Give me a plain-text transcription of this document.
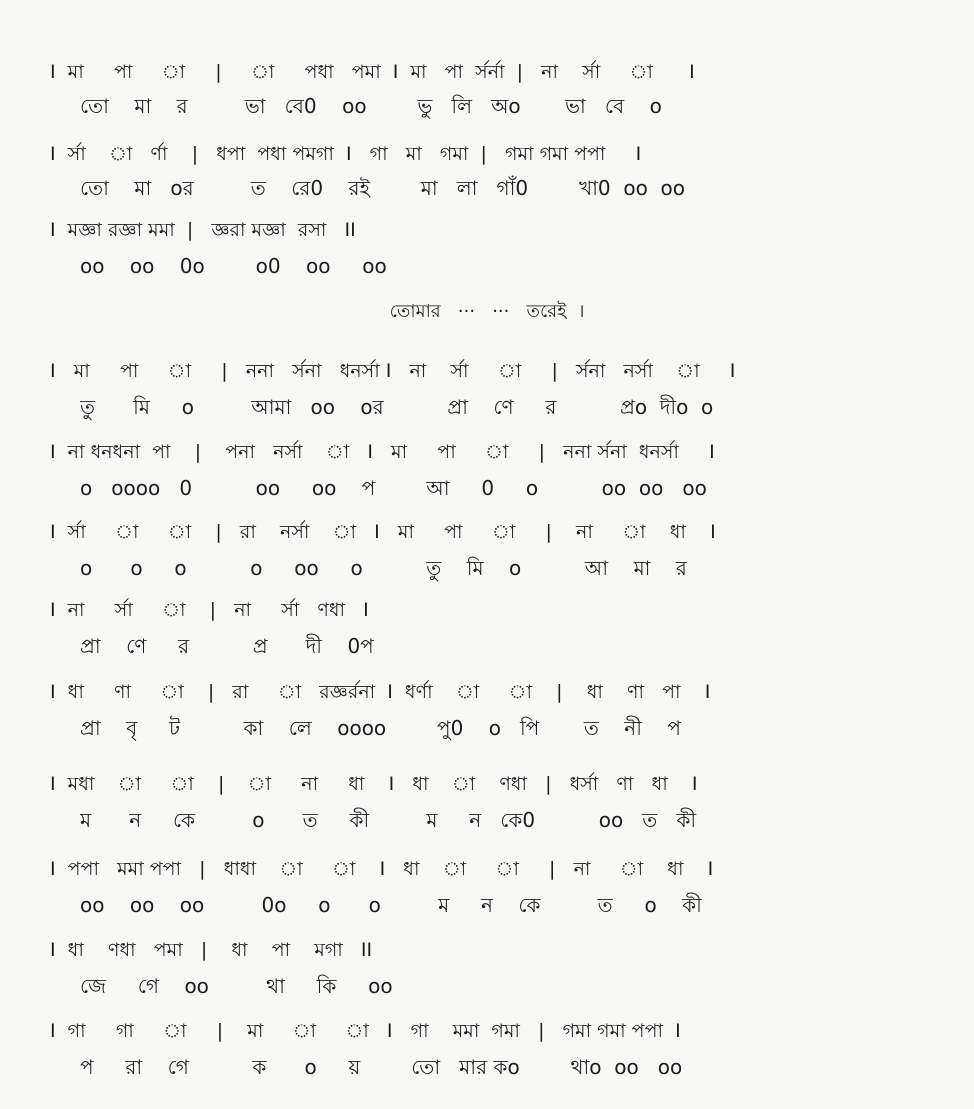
I  মা     পা     া     |     া     পধা   পমা  I  মা   পা  র্সর্না  |   না    র্সা     া      I
তো    মা    র         ভা   বে0    oo        ভু   লি   অo       ভা   বে    o
I  র্সা    া   র্ণা    |   ধপা  পধা পমগা  I   গা   মা   গমা  |   গমা গমা পপা     I
তো    মা   oর         ত    রে0    রই        মা   লা   গাঁ0        খা0  oo  oo
I  মজ্ঞা রজ্ঞা মমা  |   জ্ঞরা মজ্ঞা  রসা   II
oo    oo    0o        o0    oo     oo
তোমার   ···   ···   তরেই  ।
I   মা     পা     া     |   ননা   র্সনা   ধনর্সা I   না    র্সা     া     |   র্সনা   নর্সা    া     I
তু      মি     o         আমা   oo    oর          প্রা    ণে     র          প্রo  দীo  o
I  না ধনধনা  পা    |    পনা   নর্সা    া   I   মা     পা     া     |   ননা র্সনা  ধনর্সা     I
o   oooo   0          oo     oo    প        আ     0     o          oo  oo   oo
I  র্সা     া     া    |   রা    নর্সা    া   I   মা     পা     া     |    না     া    ধা    I
o      o     o          o     oo     o          তু    মি    o          আ    মা    র
I  না     র্সা     া    |   না     র্সা   ণধা   I
প্রা    ণে     র          প্র      দী    0প
I  ধা     ণা     া    |   রা     া   রজ্ঞর্রনা  I  ধর্ণা    া     া    |    ধা    ণা   পা    I
প্রা    বৃ     ট          কা    লে    oooo        পু0    o   পি       ত    নী    প
I  মধা    া     া    |    া     না     ধা    I   ধা    া    ণধা   |   ধর্সা   ণা   ধা    I
ম      ন     কে         o      ত     কী         ম     ন   কে0          oo   ত   কী
I  পপা   মমা পপা   |   ধাধা    া     া    I   ধা    া     া     |   না     া    ধা    I
oo    oo    oo         0o     o      o         ম     ন    কে         ত     o    কী
I  ধা    ণধা   পমা   |    ধা    পা    মগা   II
জে     গে    oo         থা     কি     oo
I  গা     গা     া     |    মা     া     া   I   গা    মমা  গমা   |   গমা গমা পপা  I
প     রা    গে          ক      o     য়        তো   মার কo        থাo  oo   oo
